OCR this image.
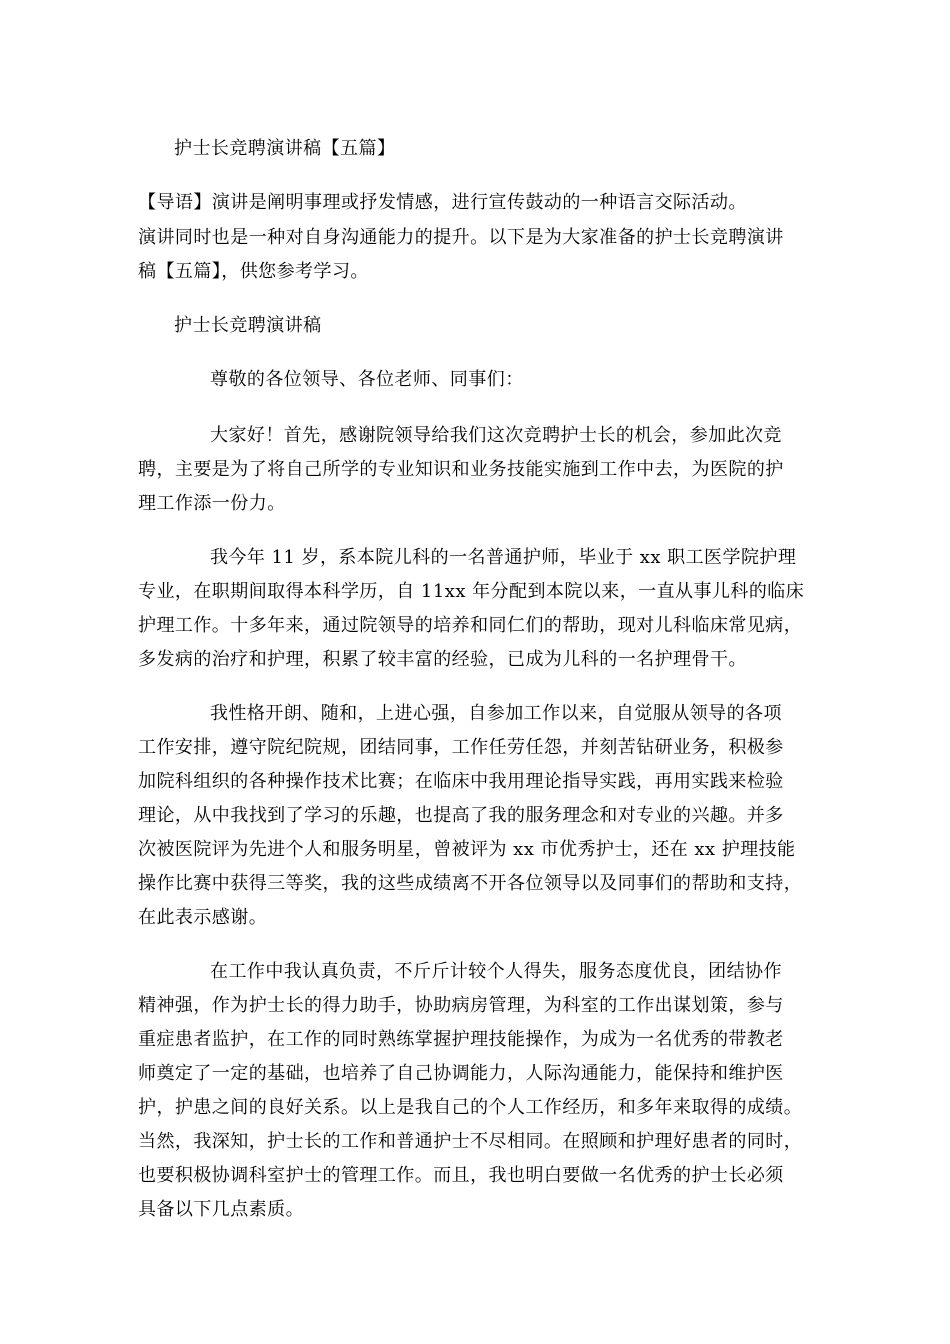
护士长竞聘演讲稿【五篇】
【导语】演讲是阐明事理或抒发情感，进行宣传鼓动的一种语言交际活动。
演讲同时也是一种对自身沟通能力的提升。以下是为大家准备的护士长竞聘演讲
稿【五篇】，供您参考学习。
护士长竞聘演讲稿
尊敬的各位领导、各位老师、同事们：
大家好！首先，感谢院领导给我们这次竞聘护士长的机会，参加此次竞
聘，主要是为了将自己所学的专业知识和业务技能实施到工作中去，为医院的护
理工作添一份力。
我今年 11 岁，系本院儿科的一名普通护师，毕业于 xx 职工医学院护理
专业，在职期间取得本科学历，自 11xx 年分配到本院以来，一直从事儿科的临床
护理工作。十多年来，通过院领导的培养和同仁们的帮助，现对儿科临床常见病，
多发病的治疗和护理，积累了较丰富的经验，已成为儿科的一名护理骨干。
我性格开朗、随和，上进心强，自参加工作以来，自觉服从领导的各项
工作安排，遵守院纪院规，团结同事，工作任劳任怨，并刻苦钻研业务，积极参
加院科组织的各种操作技术比赛；在临床中我用理论指导实践，再用实践来检验
理论，从中我找到了学习的乐趣，也提高了我的服务理念和对专业的兴趣。并多
次被医院评为先进个人和服务明星，曾被评为 xx 市优秀护士，还在 xx 护理技能
操作比赛中获得三等奖，我的这些成绩离不开各位领导以及同事们的帮助和支持，
在此表示感谢。
在工作中我认真负责，不斤斤计较个人得失，服务态度优良，团结协作
精神强，作为护士长的得力助手，协助病房管理，为科室的工作出谋划策，参与
重症患者监护，在工作的同时熟练掌握护理技能操作，为成为一名优秀的带教老
师奠定了一定的基础，也培养了自己协调能力，人际沟通能力，能保持和维护医
护，护患之间的良好关系。以上是我自己的个人工作经历，和多年来取得的成绩。
当然，我深知，护士长的工作和普通护士不尽相同。在照顾和护理好患者的同时，
也要积极协调科室护士的管理工作。而且，我也明白要做一名优秀的护士长必须
具备以下几点素质。
